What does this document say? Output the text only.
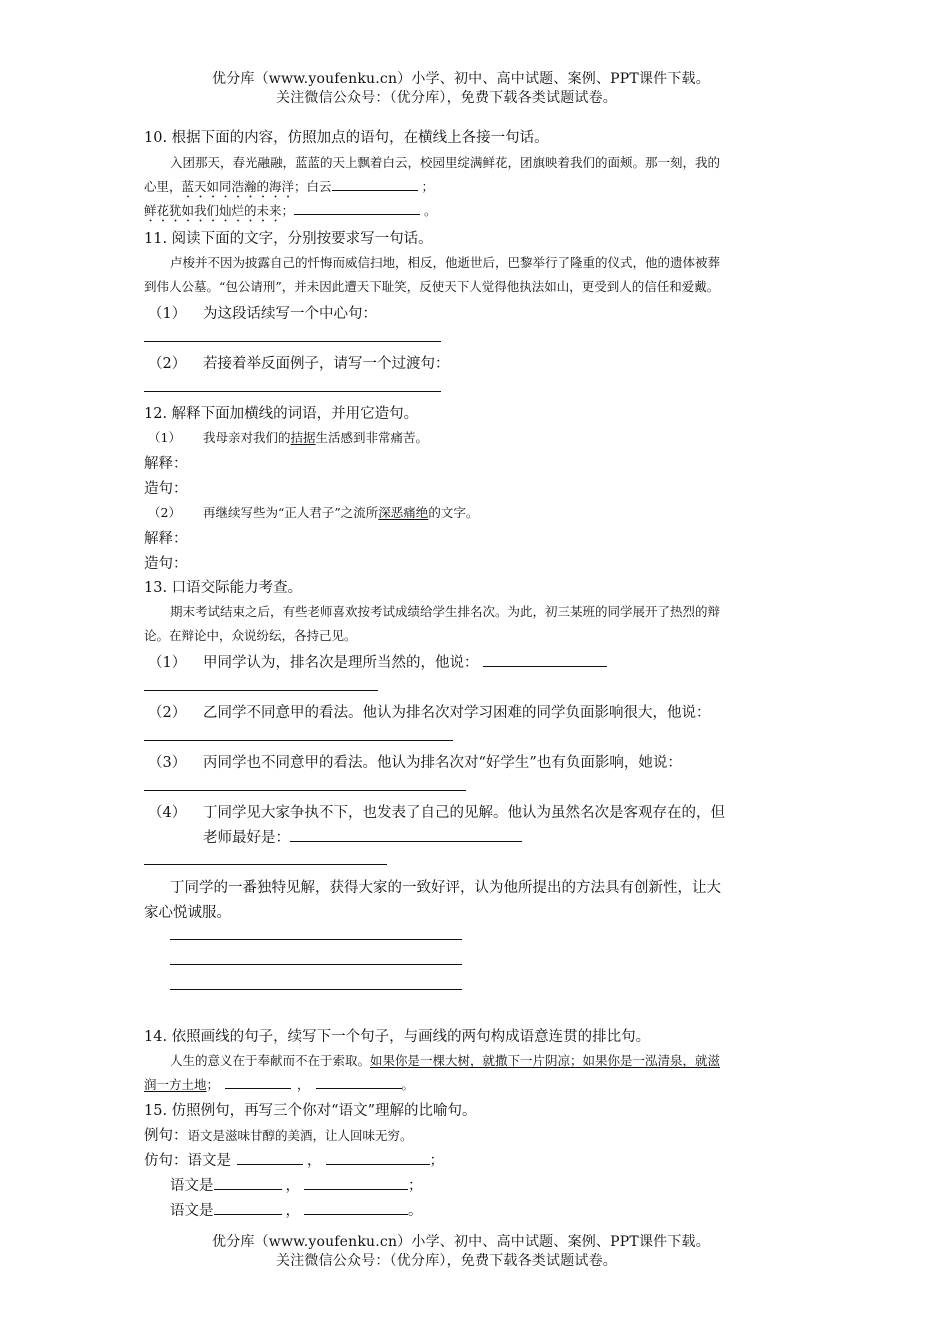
优分库（www.youfenku.cn）小学、初中、高中试题、案例、PPT课件下载。
关注微信公众号：（优分库），免费下载各类试题试卷。
10. 根据下面的内容，仿照加点的语句，在横线上各接一句话。
入团那天，春光融融，蓝蓝的天上飘着白云，校园里绽满鲜花，团旗映着我们的面颊。那一刻，我的
心里，蓝天如同浩瀚的海洋；白云	；
鲜花犹如我们灿烂的未来；	。
11. 阅读下面的文字，分别按要求写一句话。
卢梭并不因为披露自己的忏悔而威信扫地，相反，他逝世后，巴黎举行了隆重的仪式，他的遗体被葬
到伟人公墓。“包公请刑”，并未因此遭天下耻笑，反使天下人觉得他执法如山，更受到人的信任和爱戴。
（1） 为这段话续写一个中心句：
（2） 若接着举反面例子，请写一个过渡句：
12. 解释下面加横线的词语，并用它造句。
（1） 我母亲对我们的拮据生活感到非常痛苦。
解释：
造句：
（2） 再继续写些为“正人君子”之流所深恶痛绝的文字。
解释：
造句：
13. 口语交际能力考查。
期末考试结束之后，有些老师喜欢按考试成绩给学生排名次。为此，初三某班的同学展开了热烈的辩
论。在辩论中，众说纷纭，各持己见。
（1） 甲同学认为，排名次是理所当然的，他说：
（2） 乙同学不同意甲的看法。他认为排名次对学习困难的同学负面影响很大，他说：
（3） 丙同学也不同意甲的看法。他认为排名次对“好学生”也有负面影响，她说：
（4） 丁同学见大家争执不下，也发表了自己的见解。他认为虽然名次是客观存在的，但
老师最好是：
丁同学的一番独特见解，获得大家的一致好评，认为他所提出的方法具有创新性，让大
家心悦诚服。
14. 依照画线的句子，续写下一个句子，与画线的两句构成语意连贯的排比句。
人生的意义在于奉献而不在于索取。如果你是一棵大树，就撒下一片阴凉；如果你是一泓清泉，就滋
润一方土地；	，	。
15. 仿照例句，再写三个你对“语文”理解的比喻句。
例句：语文是滋味甘醇的美酒，让人回味无穷。
仿句：语文是	，	；
语文是	，	；
语文是	，	。
优分库（www.youfenku.cn）小学、初中、高中试题、案例、PPT课件下载。
关注微信公众号：（优分库），免费下载各类试题试卷。
